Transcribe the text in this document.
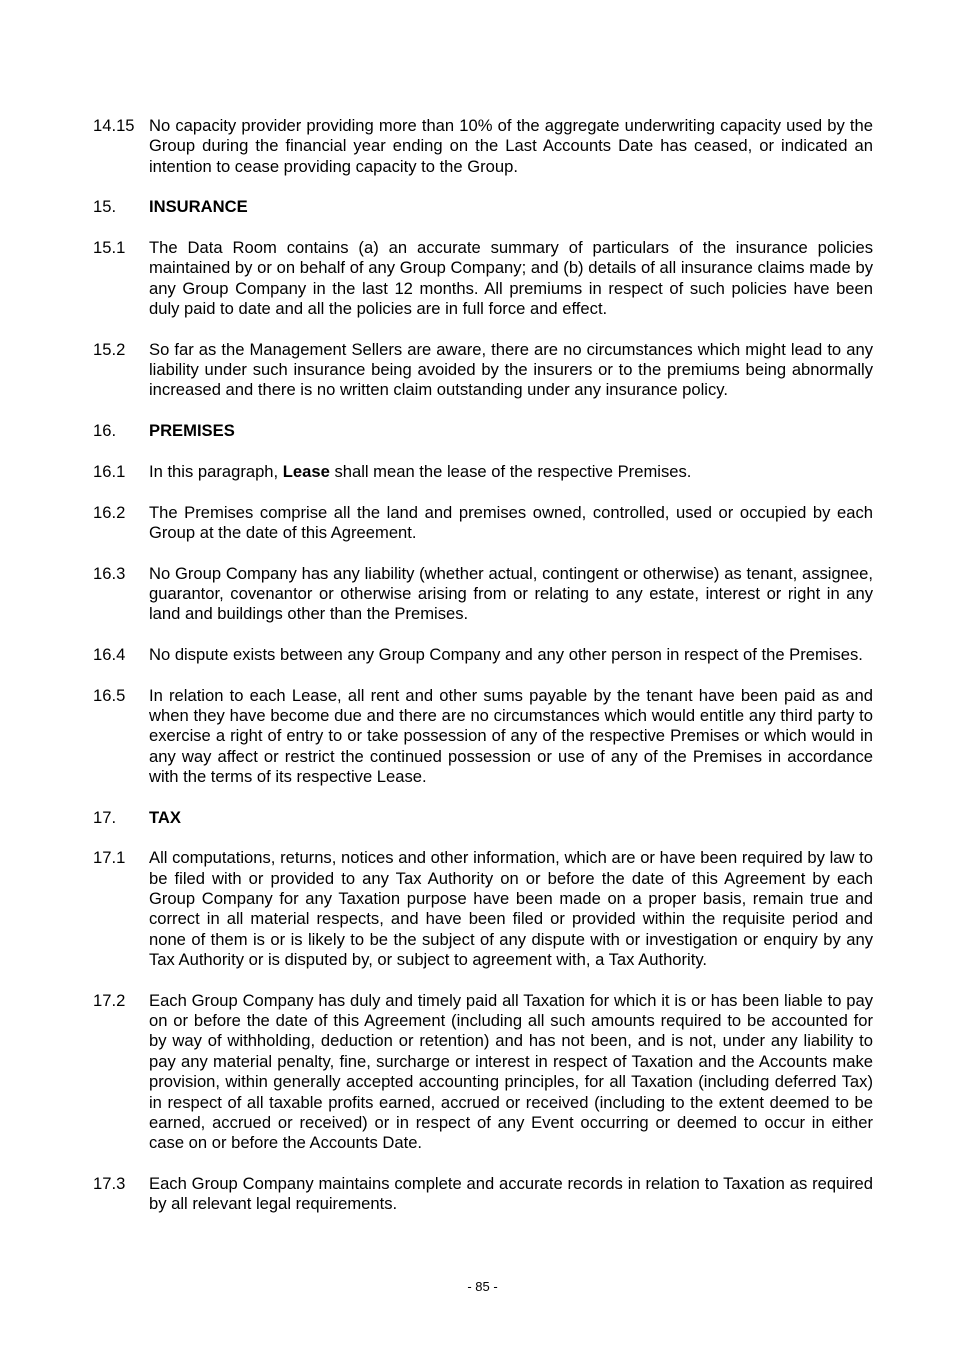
14.15 No capacity provider providing more than 10% of the aggregate underwriting capacity used by the Group during the financial year ending on the Last Accounts Date has ceased, or indicated an intention to cease providing capacity to the Group.
15.	INSURANCE
15.1	The Data Room contains (a) an accurate summary of particulars of the insurance policies maintained by or on behalf of any Group Company; and (b) details of all insurance claims made by any Group Company in the last 12 months. All premiums in respect of such policies have been duly paid to date and all the policies are in full force and effect.
15.2	So far as the Management Sellers are aware, there are no circumstances which might lead to any liability under such insurance being avoided by the insurers or to the premiums being abnormally increased and there is no written claim outstanding under any insurance policy.
16.	PREMISES
16.1	In this paragraph, Lease shall mean the lease of the respective Premises.
16.2	The Premises comprise all the land and premises owned, controlled, used or occupied by each Group at the date of this Agreement.
16.3	No Group Company has any liability (whether actual, contingent or otherwise) as tenant, assignee, guarantor, covenantor or otherwise arising from or relating to any estate, interest or right in any land and buildings other than the Premises.
16.4	No dispute exists between any Group Company and any other person in respect of the Premises.
16.5	In relation to each Lease, all rent and other sums payable by the tenant have been paid as and when they have become due and there are no circumstances which would entitle any third party to exercise a right of entry to or take possession of any of the respective Premises or which would in any way affect or restrict the continued possession or use of any of the Premises in accordance with the terms of its respective Lease.
17.	TAX
17.1	All computations, returns, notices and other information, which are or have been required by law to be filed with or provided to any Tax Authority on or before the date of this Agreement by each Group Company for any Taxation purpose have been made on a proper basis, remain true and correct in all material respects, and have been filed or provided within the requisite period and none of them is or is likely to be the subject of any dispute with or investigation or enquiry by any Tax Authority or is disputed by, or subject to agreement with, a Tax Authority.
17.2	Each Group Company has duly and timely paid all Taxation for which it is or has been liable to pay on or before the date of this Agreement (including all such amounts required to be accounted for by way of withholding, deduction or retention) and has not been, and is not, under any liability to pay any material penalty, fine, surcharge or interest in respect of Taxation and the Accounts make provision, within generally accepted accounting principles, for all Taxation (including deferred Tax) in respect of all taxable profits earned, accrued or received (including to the extent deemed to be earned, accrued or received) or in respect of any Event occurring or deemed to occur in either case on or before the Accounts Date.
17.3	Each Group Company maintains complete and accurate records in relation to Taxation as required by all relevant legal requirements.
- 85 -
